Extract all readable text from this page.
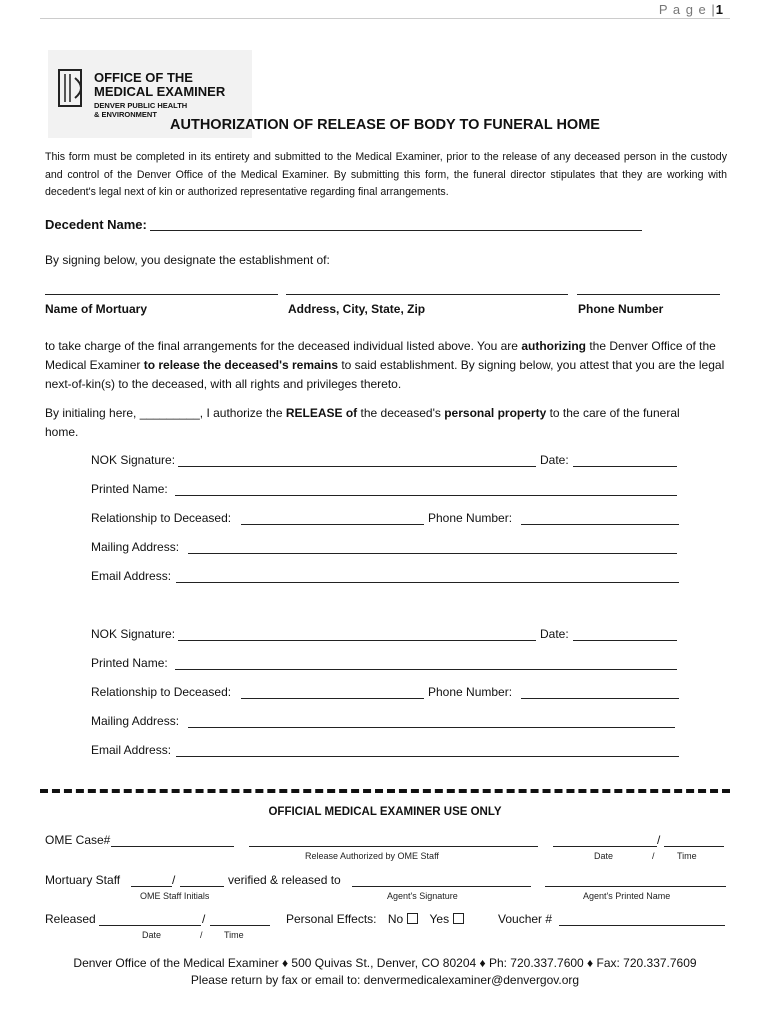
P a g e |1
OFFICE OF THE
MEDICAL EXAMINER
DENVER PUBLIC HEALTH
& ENVIRONMENT
AUTHORIZATION OF RELEASE OF BODY TO FUNERAL HOME
This form must be completed in its entirety and submitted to the Medical Examiner, prior to the release of any deceased person in the custody and control of the Denver Office of the Medical Examiner. By submitting this form, the funeral director stipulates that they are working with decedent's legal next of kin or authorized representative regarding final arrangements.
Decedent Name:
By signing below, you designate the establishment of:
Name of Mortuary	Address, City, State, Zip	Phone Number
to take charge of the final arrangements for the deceased individual listed above. You are authorizing the Denver Office of the Medical Examiner to release the deceased's remains to said establishment. By signing below, you attest that you are the legal next-of-kin(s) to the deceased, with all rights and privileges thereto.
By initialing here, _________, I authorize the RELEASE of the deceased's personal property to the care of the funeral home.
NOK Signature:	Date:
Printed Name:
Relationship to Deceased:	Phone Number:
Mailing Address:
Email Address:
NOK Signature:	Date:
Printed Name:
Relationship to Deceased:	Phone Number:
Mailing Address:
Email Address:
OFFICIAL MEDICAL EXAMINER USE ONLY
OME Case#	/
Release Authorized by OME Staff	Date	/ Time
Mortuary Staff	/	verified & released to
OME Staff Initials	Agent's Signature	Agent's Printed Name
Released	/	Personal Effects: No Yes	Voucher #
Date	/ Time
Denver Office of the Medical Examiner ♦ 500 Quivas St., Denver, CO 80204 ♦ Ph: 720.337.7600 ♦ Fax: 720.337.7609
Please return by fax or email to: denvermedicalexaminer@denvergov.org
